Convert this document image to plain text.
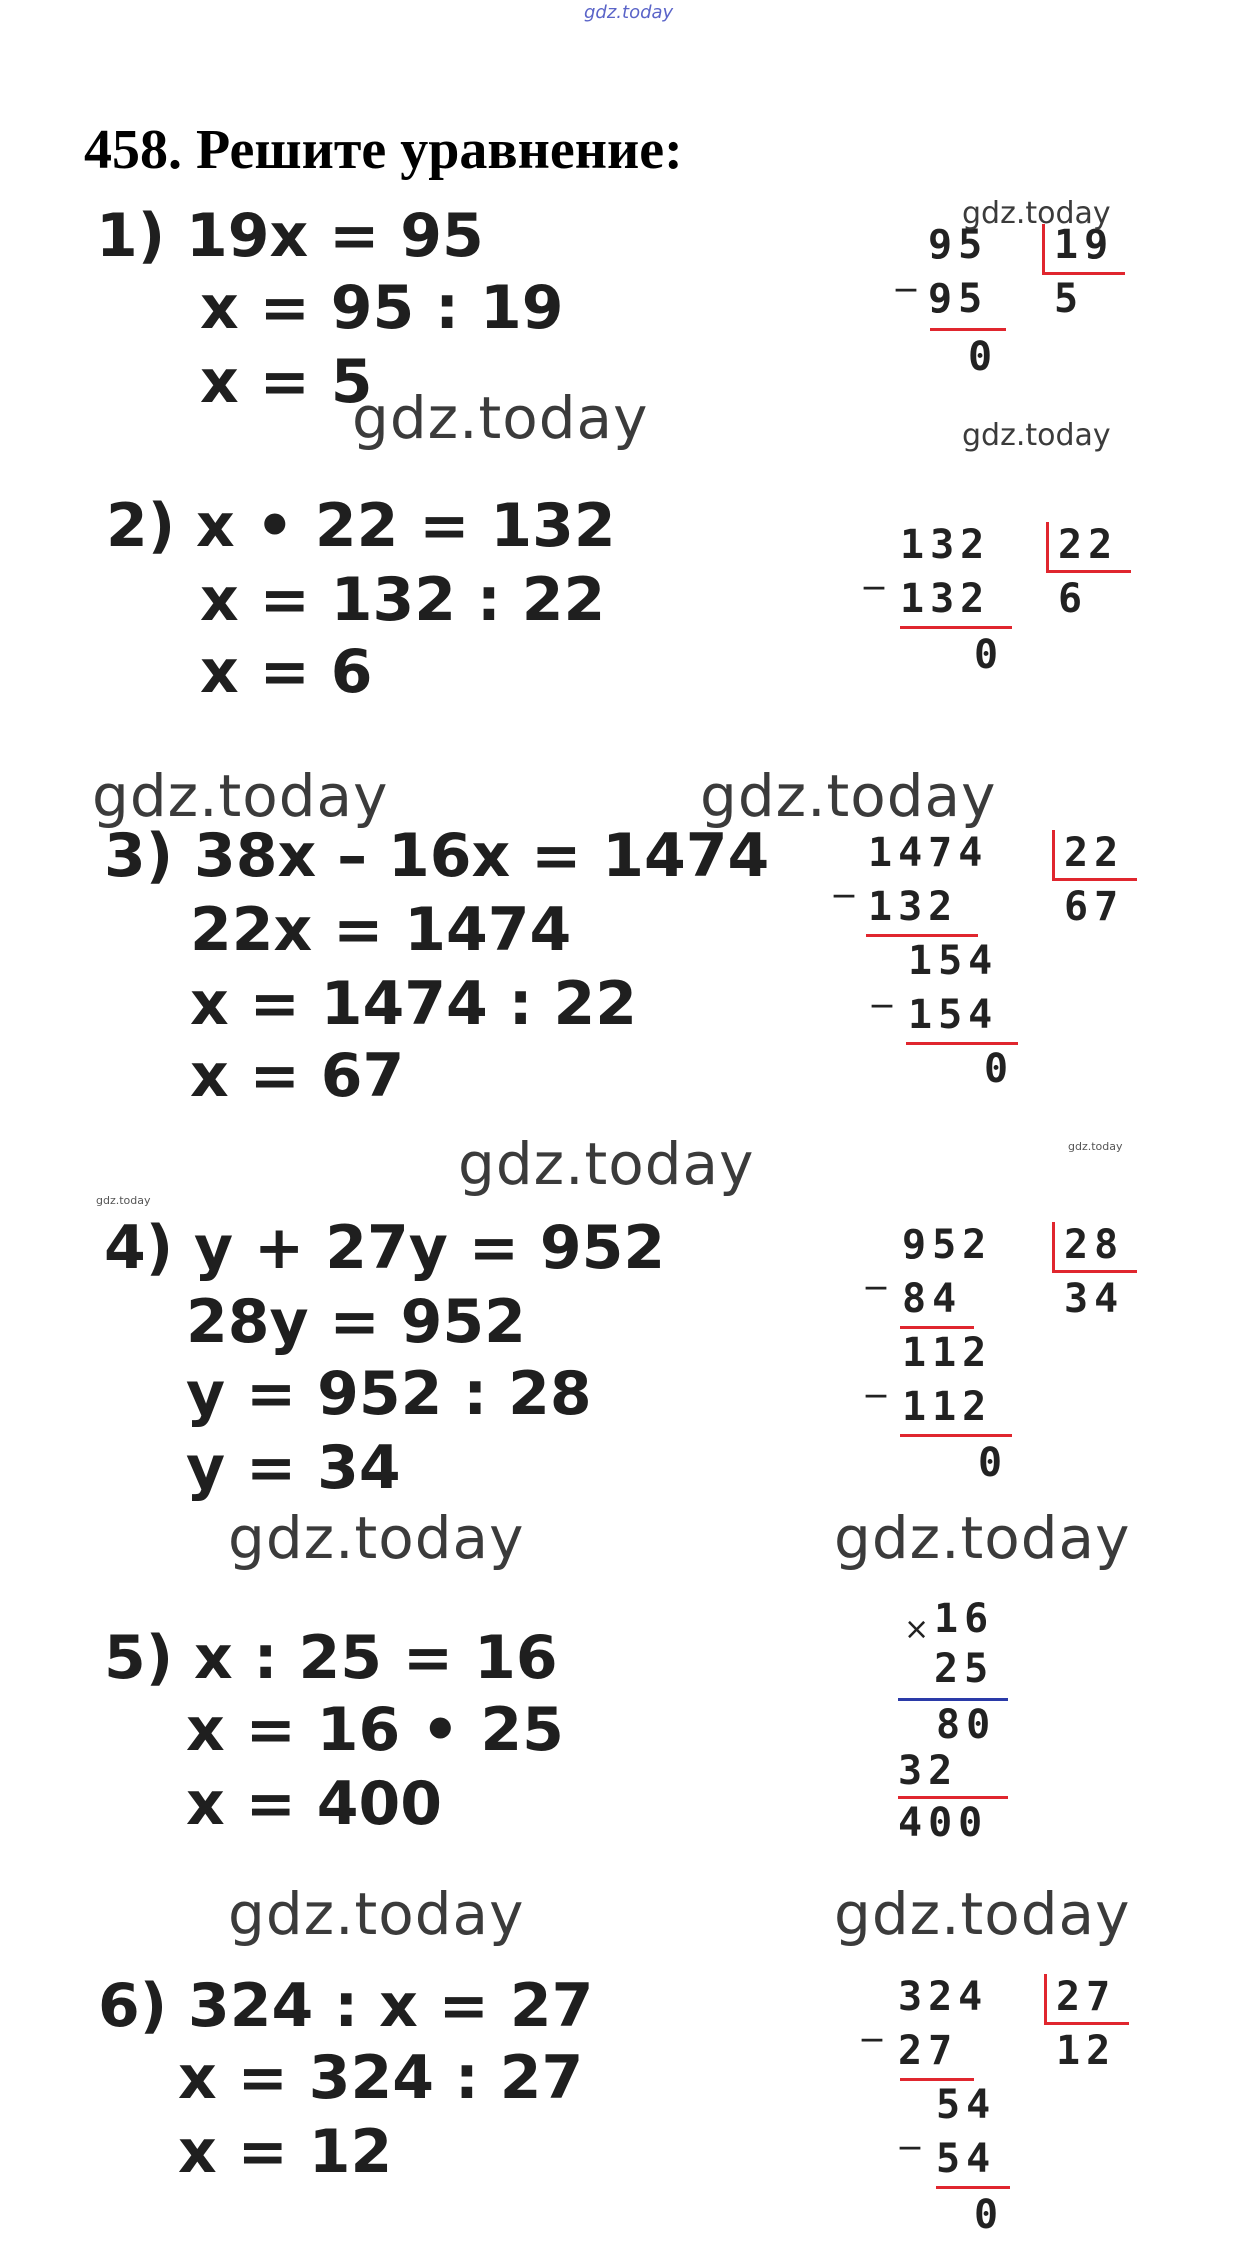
gdz.today
458. Решите уравнение:
1) 19x = 95
x = 95 : 19
x = 5
_
95 19
5
95
0
gdz.today
gdz.today	gdz.today
2) x • 22 = 132
x = 132 : 22
x = 6
_ 132 22
6
132
0
gdz.today	gdz.today
3) 38x – 16x = 1474
22x = 1474
x = 1474 : 22
x = 67
_ 1474 22
67
132
154
_
154
0
gdz.today	gdz.today
gdz.today
4) y + 27y = 952
28y = 952
y = 952 : 28
y = 34
_ 952 28
34
84
112
_
112
0
gdz.today	gdz.today
5) x : 25 = 16
x = 16 • 25
x = 400
× 16
25
80
32
400
gdz.today	gdz.today
6) 324 : x = 27
x = 324 : 27
x = 12
_ 324 27
12
27
54
_
54
0
